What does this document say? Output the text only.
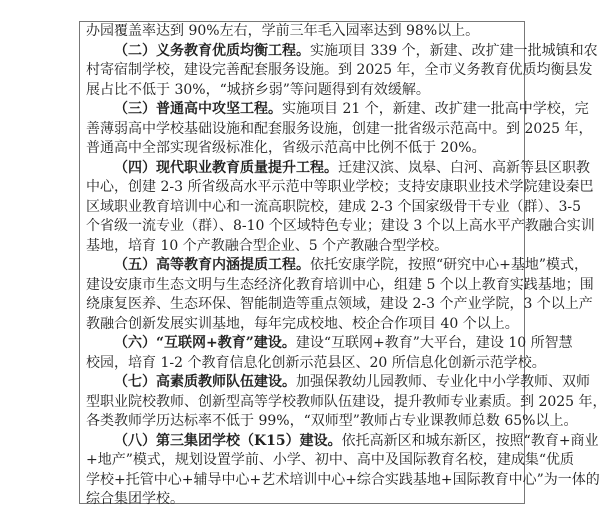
办园覆盖率达到 90%左右，学前三年毛入园率达到 98%以上。
（二）义务教育优质均衡工程。实施项目 339 个，新建、改扩建一批城镇和农
村寄宿制学校，建设完善配套服务设施。到 2025 年，全市义务教育优质均衡县发
展占比不低于 30%，“城挤乡弱”等问题得到有效缓解。
（三）普通高中攻坚工程。实施项目 21 个，新建、改扩建一批高中学校，完
善薄弱高中学校基础设施和配套服务设施，创建一批省级示范高中。到 2025 年，
普通高中全部实现省级标准化，省级示范高中比例不低于 20%。
（四）现代职业教育质量提升工程。迁建汉滨、岚皋、白河、高新等县区职教
中心，创建 2-3 所省级高水平示范中等职业学校；支持安康职业技术学院建设秦巴
区域职业教育培训中心和一流高职院校，建成 2-3 个国家级骨干专业（群）、3-5
个省级一流专业（群）、8-10 个区域特色专业；建设 3 个以上高水平产教融合实训
基地，培育 10 个产教融合型企业、5 个产教融合型学校。
（五）高等教育内涵提质工程。依托安康学院，按照“研究中心+基地”模式，
建设安康市生态文明与生态经济化教育培训中心，组建 5 个以上教育实践基地；围
绕康复医养、生态环保、智能制造等重点领域，建设 2-3 个产业学院，3 个以上产
教融合创新发展实训基地，每年完成校地、校企合作项目 40 个以上。
（六）“互联网+教育”建设。建设“互联网+教育”大平台，建设 10 所智慧
校园，培育 1-2 个教育信息化创新示范县区、20 所信息化创新示范学校。
（七）高素质教师队伍建设。加强保教幼儿园教师、专业化中小学教师、双师
型职业院校教师、创新型高等学校教师队伍建设，提升教师专业素质。到 2025 年，
各类教师学历达标率不低于 99%，“双师型”教师占专业课教师总数 65%以上。
（八）第三集团学校（K15）建设。依托高新区和城东新区，按照“教育+商业
+地产”模式，规划设置学前、小学、初中、高中及国际教育名校，建成集“优质
学校+托管中心+辅导中心+艺术培训中心+综合实践基地+国际教育中心”为一体的
综合集团学校。
